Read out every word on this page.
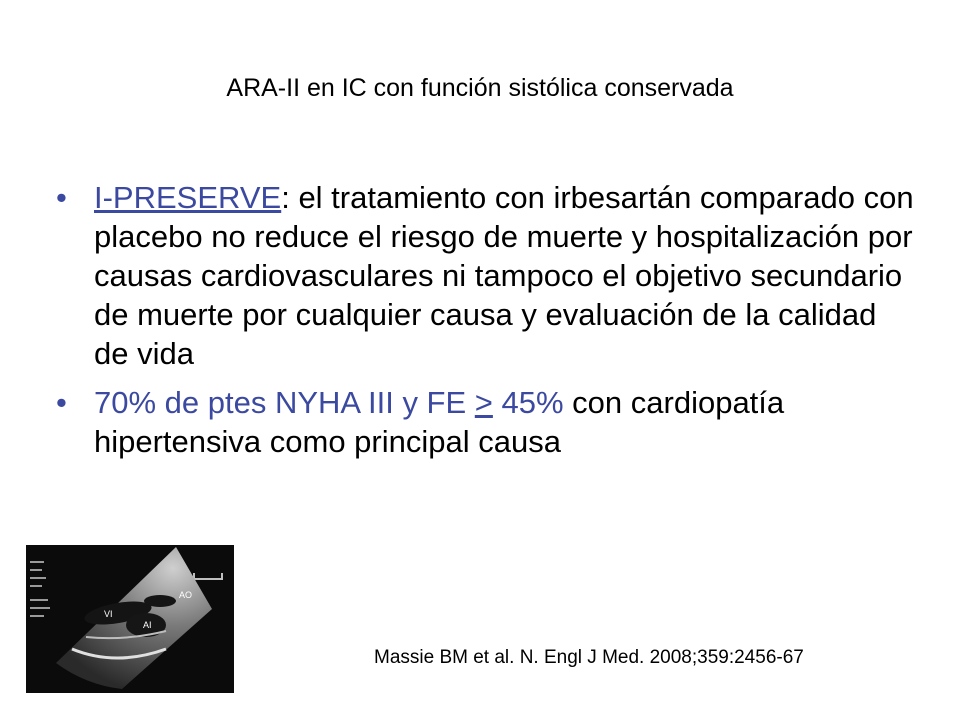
ARA-II en IC con función sistólica conservada
• I-PRESERVE: el tratamiento con irbesartán comparado con placebo no reduce el riesgo de muerte y hospitalización por causas cardiovasculares ni tampoco el objetivo secundario de muerte por cualquier causa y evaluación de la calidad de vida
• 70% de ptes NYHA III y FE ≥ 45% con cardiopatía hipertensiva como principal causa
AO
VI
AI
Massie BM et al. N. Engl J Med. 2008;359:2456-67
